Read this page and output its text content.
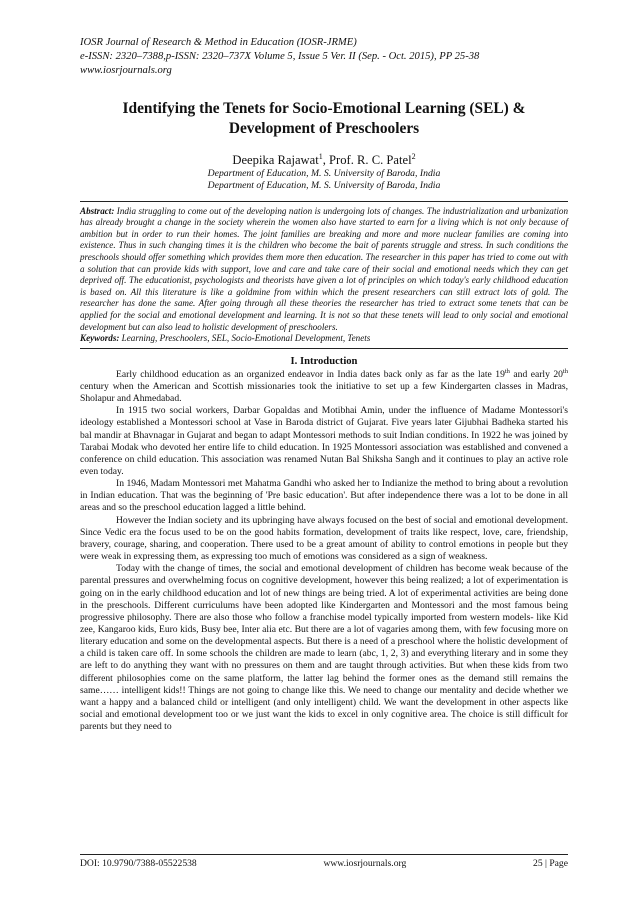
IOSR Journal of Research & Method in Education (IOSR-JRME)

e-ISSN: 2320–7388,p-ISSN: 2320–737X Volume 5, Issue 5 Ver. II (Sep. - Oct. 2015), PP 25-38

www.iosrjournals.org

Identifying the Tenets for Socio-Emotional Learning (SEL) & Development of Preschoolers

Deepika Rajawat$^1$, Prof. R. C. Patel$^2$

Department of Education, M. S. University of Baroda, India

Department of Education, M. S. University of Baroda, India

Abstract: India struggling to come out of the developing nation is undergoing lots of changes. The industrialization and urbanization has already brought a change in the society wherein the women also have started to earn for a living which is not only because of ambition but in order to run their homes. The joint families are breaking and more and more nuclear families are coming into existence. Thus in such changing times it is the children who become the bait of parents struggle and stress. In such conditions the preschools should offer something which provides them more then education. The researcher in this paper has tried to come out with a solution that can provide kids with support, love and care and take care of their social and emotional needs which they can get deprived off. The educationist, psychologists and theorists have given a lot of principles on which today's early childhood education is based on. All this literature is like a goldmine from within which the present researchers can still extract lots of gold. The researcher has done the same. After going through all these theories the researcher has tried to extract some tenets that can be applied for the social and emotional development and learning. It is not so that these tenets will lead to only social and emotional development but can also lead to holistic development of preschoolers.

Keywords: Learning, Preschoolers, SEL, Socio-Emotional Development, Tenets

I. Introduction

Early childhood education as an organized endeavor in India dates back only as far as the late 19th and early 20th century when the American and Scottish missionaries took the initiative to set up a few Kindergarten classes in Madras, Sholapur and Ahmedabad.

In 1915 two social workers, Darbar Gopaldas and Motibhai Amin, under the influence of Madame Montessori's ideology established a Montessori school at Vase in Baroda district of Gujarat. Five years later Gijubhai Badheka started his bal mandir at Bhavnagar in Gujarat and began to adapt Montessori methods to suit Indian conditions. In 1922 he was joined by Tarabai Modak who devoted her entire life to child education. In 1925 Montessori association was established and convened a conference on child education. This association was renamed Nutan Bal Shiksha Sangh and it continues to play an active role even today.

In 1946, Madam Montessori met Mahatma Gandhi who asked her to Indianize the method to bring about a revolution in Indian education. That was the beginning of 'Pre basic education'. But after independence there was a lot to be done in all areas and so the preschool education lagged a little behind.

However the Indian society and its upbringing have always focused on the best of social and emotional development. Since Vedic era the focus used to be on the good habits formation, development of traits like respect, love, care, friendship, bravery, courage, sharing, and cooperation. There used to be a great amount of ability to control emotions in people but they were weak in expressing them, as expressing too much of emotions was considered as a sign of weakness.

Today with the change of times, the social and emotional development of children has become weak because of the parental pressures and overwhelming focus on cognitive development, however this being realized; a lot of experimentation is going on in the early childhood education and lot of new things are being tried. A lot of experimental activities are being done in the preschools. Different curriculums have been adopted like Kindergarten and Montessori and the most famous being progressive philosophy. There are also those who follow a franchise model typically imported from western models- like Kid zee, Kangaroo kids, Euro kids, Busy bee, Inter alia etc. But there are a lot of vagaries among them, with few focusing more on literary education and some on the developmental aspects. But there is a need of a preschool where the holistic development of a child is taken care off. In some schools the children are made to learn (abc, 1, 2, 3) and everything literary and in some they are left to do anything they want with no pressures on them and are taught through activities. But when these kids from two different philosophies come on the same platform, the latter lag behind the former ones as the demand still remains the same…… intelligent kids!! Things are not going to change like this. We need to change our mentality and decide whether we want a happy and a balanced child or intelligent (and only intelligent) child. We want the development in other aspects like social and emotional development too or we just want the kids to excel in only cognitive area. The choice is still difficult for parents but they need to

DOI: 10.9790/7388-05522538	www.iosrjournals.org	25 | Page
